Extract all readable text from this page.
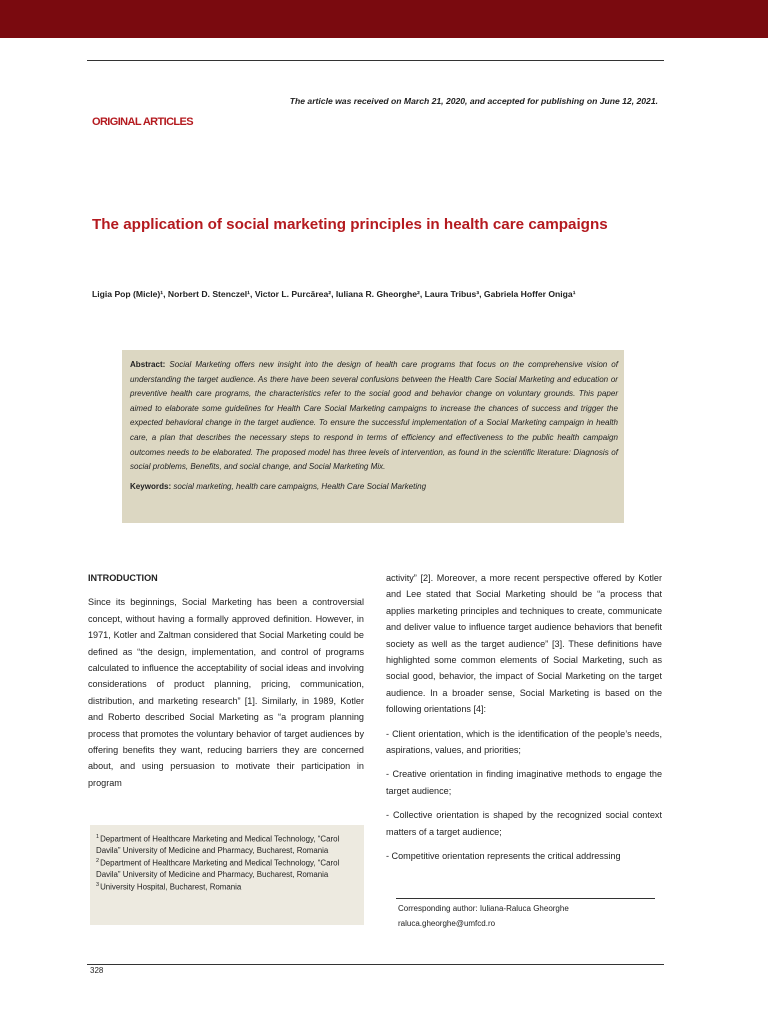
The article was received on March 21, 2020, and accepted for publishing on June 12, 2021.
ORIGINAL ARTICLES
The application of social marketing principles in health care campaigns
Ligia Pop (Micle)¹, Norbert D. Stenczel¹, Victor L. Purcărea², Iuliana R. Gheorghe², Laura Tribus³, Gabriela Hoffer Oniga¹

Abstract: Social Marketing offers new insight into the design of health care programs that focus on the comprehensive vision of understanding the target audience. As there have been several confusions between the Health Care Social Marketing and education or preventive health care programs, the characteristics refer to the social good and behavior change on voluntary grounds. This paper aimed to elaborate some guidelines for Health Care Social Marketing campaigns to increase the chances of success and trigger the expected behavioral change in the target audience. To ensure the successful implementation of a Social Marketing campaign in health care, a plan that describes the necessary steps to respond in terms of efficiency and effectiveness to the public health campaign outcomes needs to be elaborated. The proposed model has three levels of intervention, as found in the scientific literature: Diagnosis of social problems, Benefits, and social change, and Social Marketing Mix.

Keywords: social marketing, health care campaigns, Health Care Social Marketing

INTRODUCTION

Since its beginnings, Social Marketing has been a controversial concept, without having a formally approved definition. However, in 1971, Kotler and Zaltman considered that Social Marketing could be defined as “the design, implementation, and control of programs calculated to influence the acceptability of social ideas and involving considerations of product planning, pricing, communication, distribution, and marketing research” [1]. Similarly, in 1989, Kotler and Roberto described Social Marketing as “a program planning process that promotes the voluntary behavior of target audiences by offering benefits they want, reducing barriers they are concerned about, and using persuasion to motivate their participation in program

activity” [2]. Moreover, a more recent perspective offered by Kotler and Lee stated that Social Marketing should be “a process that applies marketing principles and techniques to create, communicate and deliver value to influence target audience behaviors that benefit society as well as the target audience” [3]. These definitions have highlighted some common elements of Social Marketing, such as social good, behavior, the impact of Social Marketing on the target audience. In a broader sense, Social Marketing is based on the following orientations [4]:

- Client orientation, which is the identification of the people’s needs, aspirations, values, and priorities;

- Creative orientation in finding imaginative methods to engage the target audience;

- Collective orientation is shaped by the recognized social context matters of a target audience;

- Competitive orientation represents the critical addressing

$^1$Department of Healthcare Marketing and Medical Technology, “Carol Davila” University of Medicine and Pharmacy, Bucharest, Romania
$^2$Department of Healthcare Marketing and Medical Technology, “Carol Davila” University of Medicine and Pharmacy, Bucharest, Romania
$^3$University Hospital, Bucharest, Romania
Corresponding author: Iuliana-Raluca Gheorghe
raluca.gheorghe@umfcd.ro
328
